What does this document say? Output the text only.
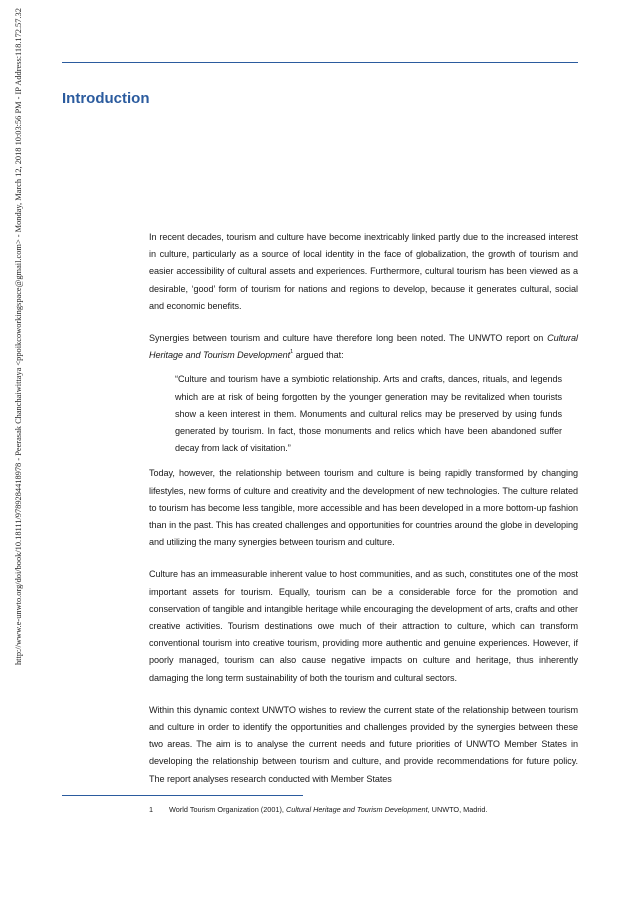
http://www.e-unwto.org/doi/book/10.18111/9789284418978 - Peerasak Chanchaiwittaya <ppoikcoworkingspace@gmail.com> - Monday, March 12, 2018 10:03:56 PM - IP Address:118.172.57.32	Introduction

In recent decades, tourism and culture have become inextricably linked partly due to the increased interest in culture, particularly as a source of local identity in the face of globalization, the growth of tourism and easier accessibility of cultural assets and experiences. Furthermore, cultural tourism has been viewed as a desirable, ‘good’ form of tourism for nations and regions to develop, because it generates cultural, social and economic benefits.

Synergies between tourism and culture have therefore long been noted. The UNWTO report on Cultural Heritage and Tourism Development$^1$ argued that:

“Culture and tourism have a symbiotic relationship. Arts and crafts, dances, rituals, and legends which are at risk of being forgotten by the younger generation may be revitalized when tourists show a keen interest in them. Monuments and cultural relics may be preserved by using funds generated by tourism. In fact, those monuments and relics which have been abandoned suffer decay from lack of visitation.”

Today, however, the relationship between tourism and culture is being rapidly transformed by changing lifestyles, new forms of culture and creativity and the development of new technologies. The culture related to tourism has become less tangible, more accessible and has been developed in a more bottom-up fashion than in the past. This has created challenges and opportunities for countries around the globe in developing and utilizing the many synergies between tourism and culture.

Culture has an immeasurable inherent value to host communities, and as such, constitutes one of the most important assets for tourism. Equally, tourism can be a considerable force for the promotion and conservation of tangible and intangible heritage while encouraging the development of arts, crafts and other creative activities. Tourism destinations owe much of their attraction to culture, which can transform conventional tourism into creative tourism, providing more authentic and genuine experiences. However, if poorly managed, tourism can also cause negative impacts on culture and heritage, thus inherently damaging the long term sustainability of both the tourism and cultural sectors.

Within this dynamic context UNWTO wishes to review the current state of the relationship between tourism and culture in order to identify the opportunities and challenges provided by the synergies between these two areas. The aim is to analyse the current needs and future priorities of UNWTO Member States in developing the relationship between tourism and culture, and provide recommendations for future policy. The report analyses research conducted with Member States

1 World Tourism Organization (2001), Cultural Heritage and Tourism Development, UNWTO, Madrid.
